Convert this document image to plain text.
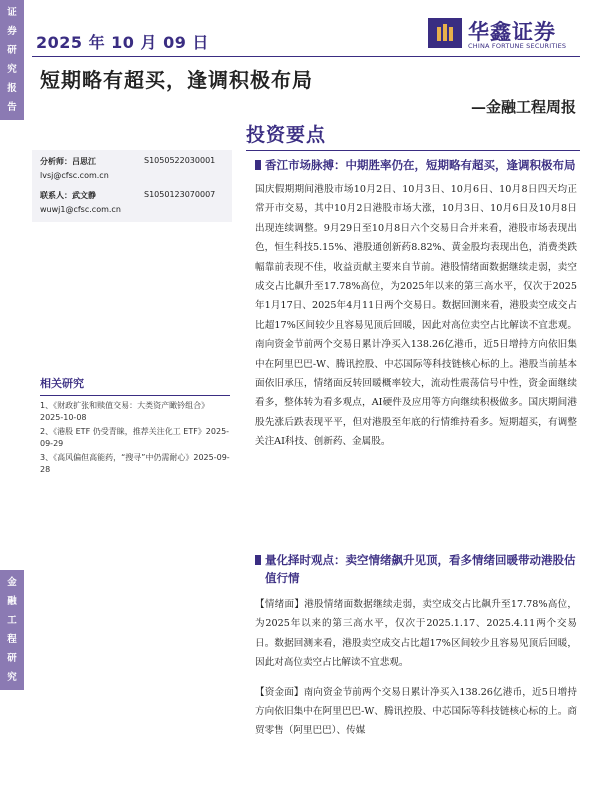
证
券
研
究
报
告
金
融
工
程
研
究
2025 年 10 月 09 日	华鑫证券
CHINA FORTUNE SECURITIES
短期略有超买，逢调积极布局
—金融工程周报
投资要点
分析师：吕思江	S1050522030001
lvsj@cfsc.com.cn
联系人：武文静	S1050123070007
wuwj1@cfsc.com.cn
相关研究
1、《财政扩张和赎值交易：大类资产瞰钤组合》2025-10-08
2、《港股 ETF 仍受青睐，推荐关注化工 ETF》2025-09-29
3、《高风偏但高能药，“搜寻”中仍需耐心》2025-09-28
香江市场脉搏：中期胜率仍在，短期略有超买，逢调积极布局

国庆假期期间港股市场10月2日、10月3日、10月6日、10月8日四天均正常开市交易，其中10月2日港股市场大涨，10月3日、10月6日及10月8日出现连续调整。9月29日至10月8日六个交易日合并来看，港股市场表现出色，恒生科技5.15%、港股通创新药8.82%、黄金股均表现出色，消费类跌幅靠前表现不佳，收益贡献主要来自节前。港股情绪面数据继续走弱，卖空成交占比飙升至17.78%高位，为2025年以来的第三高水平，仅次于2025年1月17日、2025年4月11日两个交易日。数据回测来看，港股卖空成交占比超17%区间较少且容易见顶后回暖，因此对高位卖空占比解读不宜悲观。南向资金节前两个交易日累计净买入138.26亿港币，近5日增持方向依旧集中在阿里巴巴-W、腾讯控股、中芯国际等科技链核心标的上。港股当前基本面依旧承压，情绪面反转回暖概率较大，流动性震荡信号中性，资金面继续看多，整体转为看多观点，AI硬件及应用等方向继续积极做多。国庆期间港股先涨后跌表现平平，但对港股至年底的行情维持看多。短期超买，有调整关注AI科技、创新药、金属股。

量化择时观点：卖空情绪飙升见顶，看多情绪回暖带动港股估值行情

【情绪面】港股情绪面数据继续走弱，卖空成交占比飙升至17.78%高位，为2025年以来的第三高水平，仅次于2025.1.17、2025.4.11两个交易日。数据回测来看，港股卖空成交占比超17%区间较少且容易见顶后回暖，因此对高位卖空占比解读不宜悲观。

【资金面】南向资金节前两个交易日累计净买入138.26亿港币，近5日增持方向依旧集中在阿里巴巴-W、腾讯控股、中芯国际等科技链核心标的上。商贸零售（阿里巴巴）、传媒
